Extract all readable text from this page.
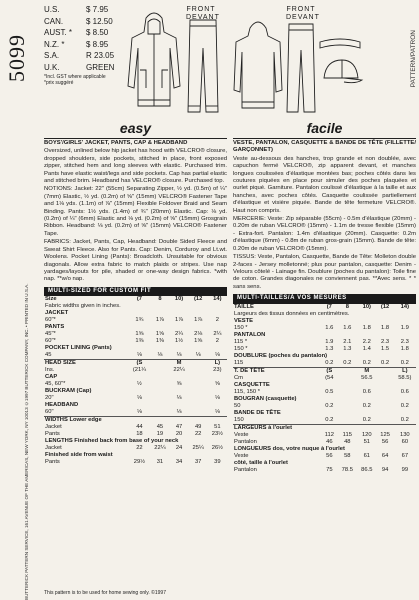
5099
BUTTERICK PATTERN SERVICE, 161 AVENUE OF THE AMERICAS, NEW YORK, NY 10013 ©1997 BUTTERICK COMPANY, INC. • PRINTED IN U.S.A.
U.S.	$ 7.95
CAN.	$ 12.50
AUST. *	$ 8.50
N.Z. *	$ 8.95
S.A.	R 23.05
U.K.	GREEN
*Incl. GST where applicable
*prix suggéré
FRONT
DEVANT
FRONT
DEVANT
PATTERN/PATRON
easy	facile

BOYS'/GIRLS' JACKET, PANTS, CAP & HEADBAND

Oversized, unlined below hip jacket has hood with VELCRO® closure, dropped shoulders, side pockets, stitched in place, front exposed zipper, stitched hem and long sleeves with elastic. Purchased trim. Pants have elastic waist/legs and side pockets. Cap has partial elastic and stitched brim. Headband has VELCRO® closure. Purchased top.

NOTIONS: Jacket: 22" (55cm) Separating Zipper, ½ yd. (0.5m) of ¼" (7mm) Elastic, ½ yd. (0.2m) of ⅝" (15mm) VELCRO® Fastener Tape and 1⅛ yds. (1.1m) of ⅞" (15mm) Flexible Foldover Braid and Seam Binding. Pants: 1½ yds. (1.4m) of ¾" (20mm) Elastic. Cap: ⅛ yd. (0.2m) of ¼" (6mm) Elastic and ⅛ yd. (0.2m) of ⅝" (15mm) Grosgrain Ribbon. Headband: ⅛ yd. (0.2m) of ⅝" (15mm) VELCRO® Fastener Tape.

FABRICS: Jacket, Pants, Cap, Headband: Double Sided Fleece and Sweat Shirt Fleece. Also for Pants. Cap: Denim, Corduroy and Lt.wt. Woolens. Pocket Lining (Pants): Broadcloth. Unsuitable for obvious diagonals. Allow extra fabric to match plaids or stripes. Use nap yardages/layouts for pile, shaded or one-way design fabrics. *with nap. **w/o nap.

MULTI-SIZED FOR CUSTOM FIT
Size	(7	8	10)	(12	14)
Fabric widths given in inches.					
JACKET					
60"*	1¾	1⅞	1⅞	1⅞	2
PANTS					
45"*	1⅝	1⅝	2¼	2⅛	2¼
60"*	1⅜	1⅜	1½	1⅝	2
POCKET LINING (Pants)					
45	⅛	⅛	⅛	⅛	⅛
HEAD SIZE	(S		M		L)
Ins.	(21¼		22¼		23)
CAP					
45, 60"*	½		⅝		⅝
BUCKRAM (Cap)					
20"	⅛		⅛		⅛
HEADBAND					
60"	⅛		⅛		⅛
WIDTHS Lower edge					
Jacket	44	45	47	49	51
Pants	18	19	20	22	23½
LENGTHS Finished back from base of your neck					
Jacket	22	22¼	24	25¼	26½
Finished side from waist					
Pants	29½	31	34	37	39

VESTE, PANTALON, CASQUETTE & BANDE DE TÊTE (FILLETTE/ GARÇONNET)

Veste au-dessous des hanches, trop grande et non doublée, avec capuchon fermé VELCRO®, zip apparent devant, et manches longues coulissées d'élastique montées bas; poches côtés dans les coutures piquées en place pour simuler des poches plaquées et ourlet piqué. Garniture. Pantalon coulissé d'élastique à la taille et aux hanches, avec poches côtés. Casquette coulissée partiellement d'élastique et visière piquée. Bande de tête fermeture VELCRO®. Haut non compris.

MERCERIE: Veste: Zip séparable (55cm) - 0.5m d'élastique (20mm) - 0.20m de ruban VELCRO® (15mm) - 1.1m de tresse flexible (15mm) - Extra-fort. Pantalon: 1.4m d'élastique (20mm). Casquette: 0.2m d'élastique (6mm) - 0.8m de ruban gros-grain (15mm). Bande de tête: 0.20m de ruban VELCRO® (15mm).

TISSUS: Veste, Pantalon, Casquette, Bande de Tête: Molleton double 2-faces - Jersey molletonné; plus pour pantalon, casquette: Denim - Velours côtelé - Lainage fin. Doublure (poches du pantalon): Toile fine de coton. Grandes diagonales ne conviennent pas. **Avec sens. * * sans sens.

MULTI-TAILLES/À VOS MESURES
TAILLE	(7	8	10)	(12	14)
Largeurs des tissus données en centimètres.					
VESTE					
150 *	1.6	1.6	1.8	1.8	1.9
PANTALON					
115 *	1.9	2.1	2.2	2.3	2.3
150 *	1.3	1.3	1.4	1.5	1.8
DOUBLURE (poches du pantalon)					
115	0.2	0.2	0.2	0.2	0.2
T. DE TÊTE	(S		M		L)
Cm	(54		56.5		58.5)
CASQUETTE					
115, 150 *	0.5		0.6		0.6
BOUGRAN (casquette)					
50	0.2		0.2		0.2
BANDE DE TÊTE					
150	0.2		0.2		0.2
LARGEURS à l'ourlet					
Veste	112	115	120	125	130
Pantalon	46	48	51	56	60
LONGUEURS dos, votre nuque à l'ourlet					
Veste	56	58	61	64	67
côté, taille à l'ourlet					
Pantalon	75	78.5	86.5	94	99
This pattern is to be used for home sewing only. ©1997
